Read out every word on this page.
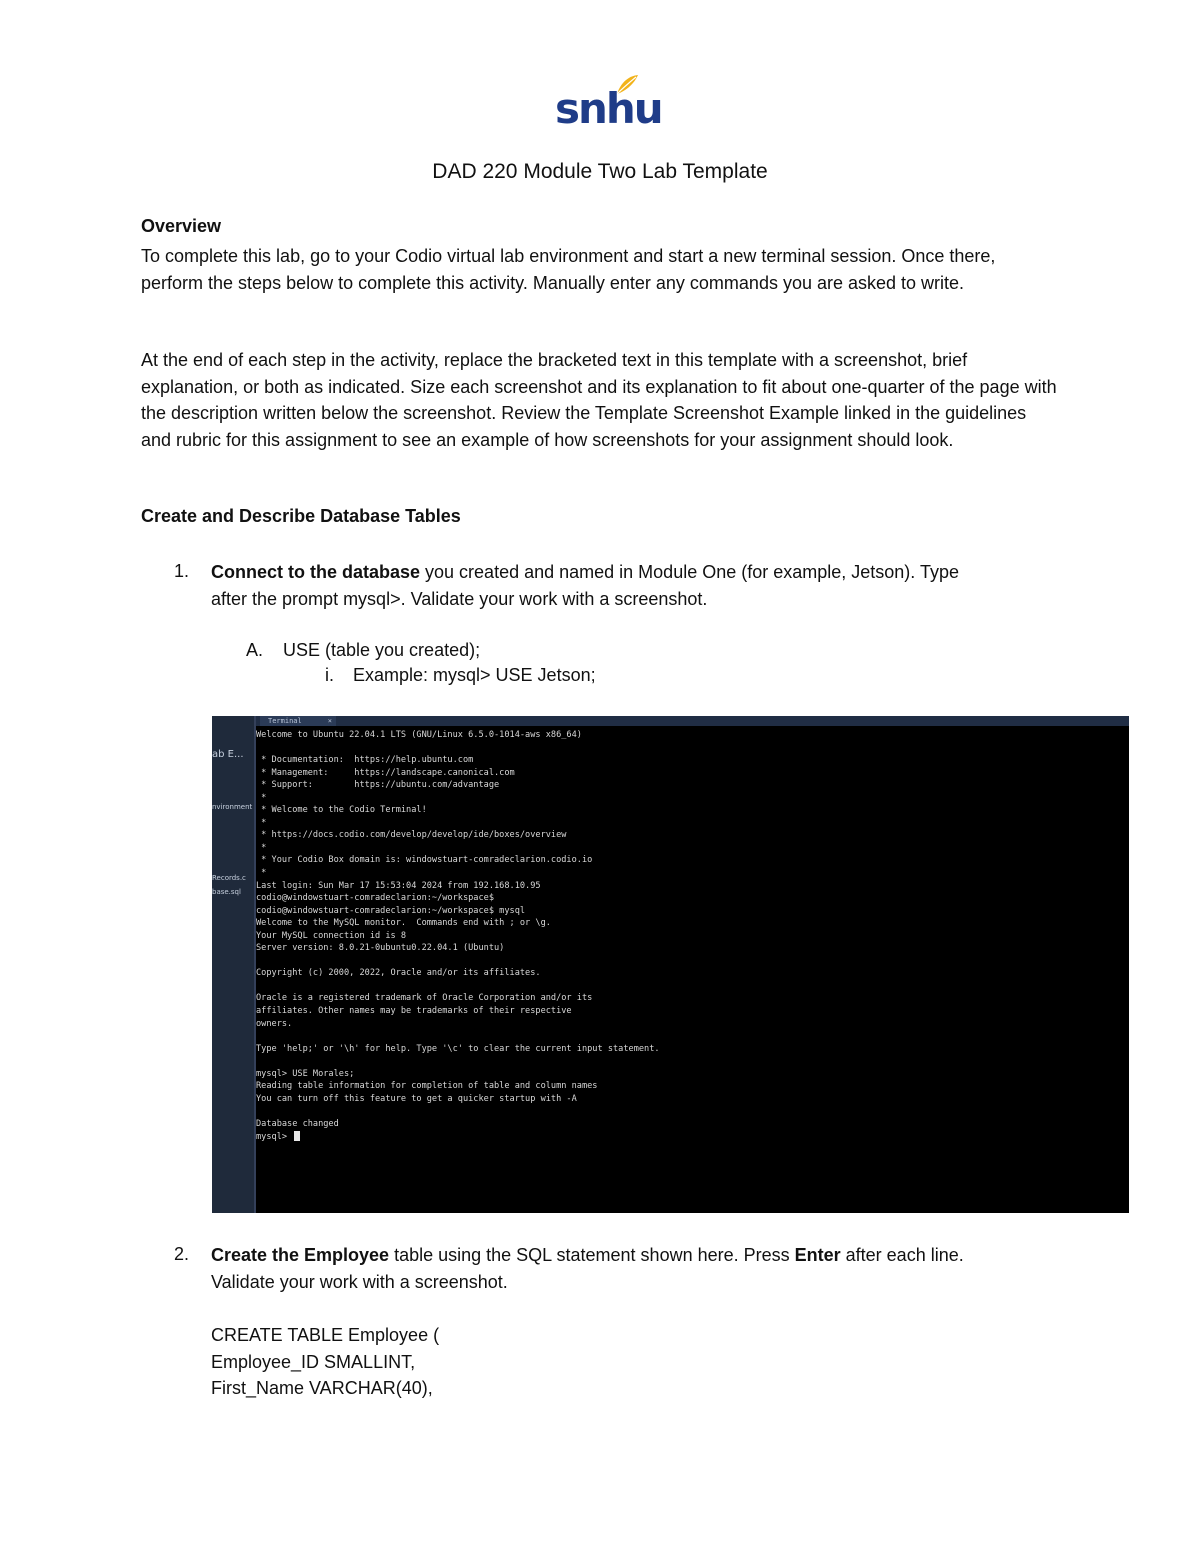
snhu
DAD 220 Module Two Lab Template
Overview

To complete this lab, go to your Codio virtual lab environment and start a new terminal session. Once there, perform the steps below to complete this activity. Manually enter any commands you are asked to write.

At the end of each step in the activity, replace the bracketed text in this template with a screenshot, brief explanation, or both as indicated. Size each screenshot and its explanation to fit about one-quarter of the page with the description written below the screenshot. Review the Template Screenshot Example linked in the guidelines and rubric for this assignment to see an example of how screenshots for your assignment should look.

Create and Describe Database Tables
1. Connect to the database you created and named in Module One (for example, Jetson). Type
after the prompt mysql>. Validate your work with a screenshot.
A. USE (table you created);
i. Example: mysql> USE Jetson;
ab E...
nvironment
Records.c
base.sql
Terminal	×
Welcome to Ubuntu 22.04.1 LTS (GNU/Linux 6.5.0-1014-aws x86_64)
* Documentation:  https://help.ubuntu.com
* Management:     https://landscape.canonical.com
* Support:        https://ubuntu.com/advantage
*
* Welcome to the Codio Terminal!
*
* https://docs.codio.com/develop/develop/ide/boxes/overview
*
* Your Codio Box domain is: windowstuart-comradeclarion.codio.io
*
Last login: Sun Mar 17 15:53:04 2024 from 192.168.10.95
codio@windowstuart-comradeclarion:~/workspace$
codio@windowstuart-comradeclarion:~/workspace$ mysql
Welcome to the MySQL monitor.  Commands end with ; or \g.
Your MySQL connection id is 8
Server version: 8.0.21-0ubuntu0.22.04.1 (Ubuntu)
Copyright (c) 2000, 2022, Oracle and/or its affiliates.
Oracle is a registered trademark of Oracle Corporation and/or its
affiliates. Other names may be trademarks of their respective
owners.
Type 'help;' or '\h' for help. Type '\c' to clear the current input statement.
mysql> USE Morales;
Reading table information for completion of table and column names
You can turn off this feature to get a quicker startup with -A
Database changed
mysql>
2. Create the Employee table using the SQL statement shown here. Press Enter after each line.
Validate your work with a screenshot.
CREATE TABLE Employee (
Employee_ID SMALLINT,
First_Name VARCHAR(40),
